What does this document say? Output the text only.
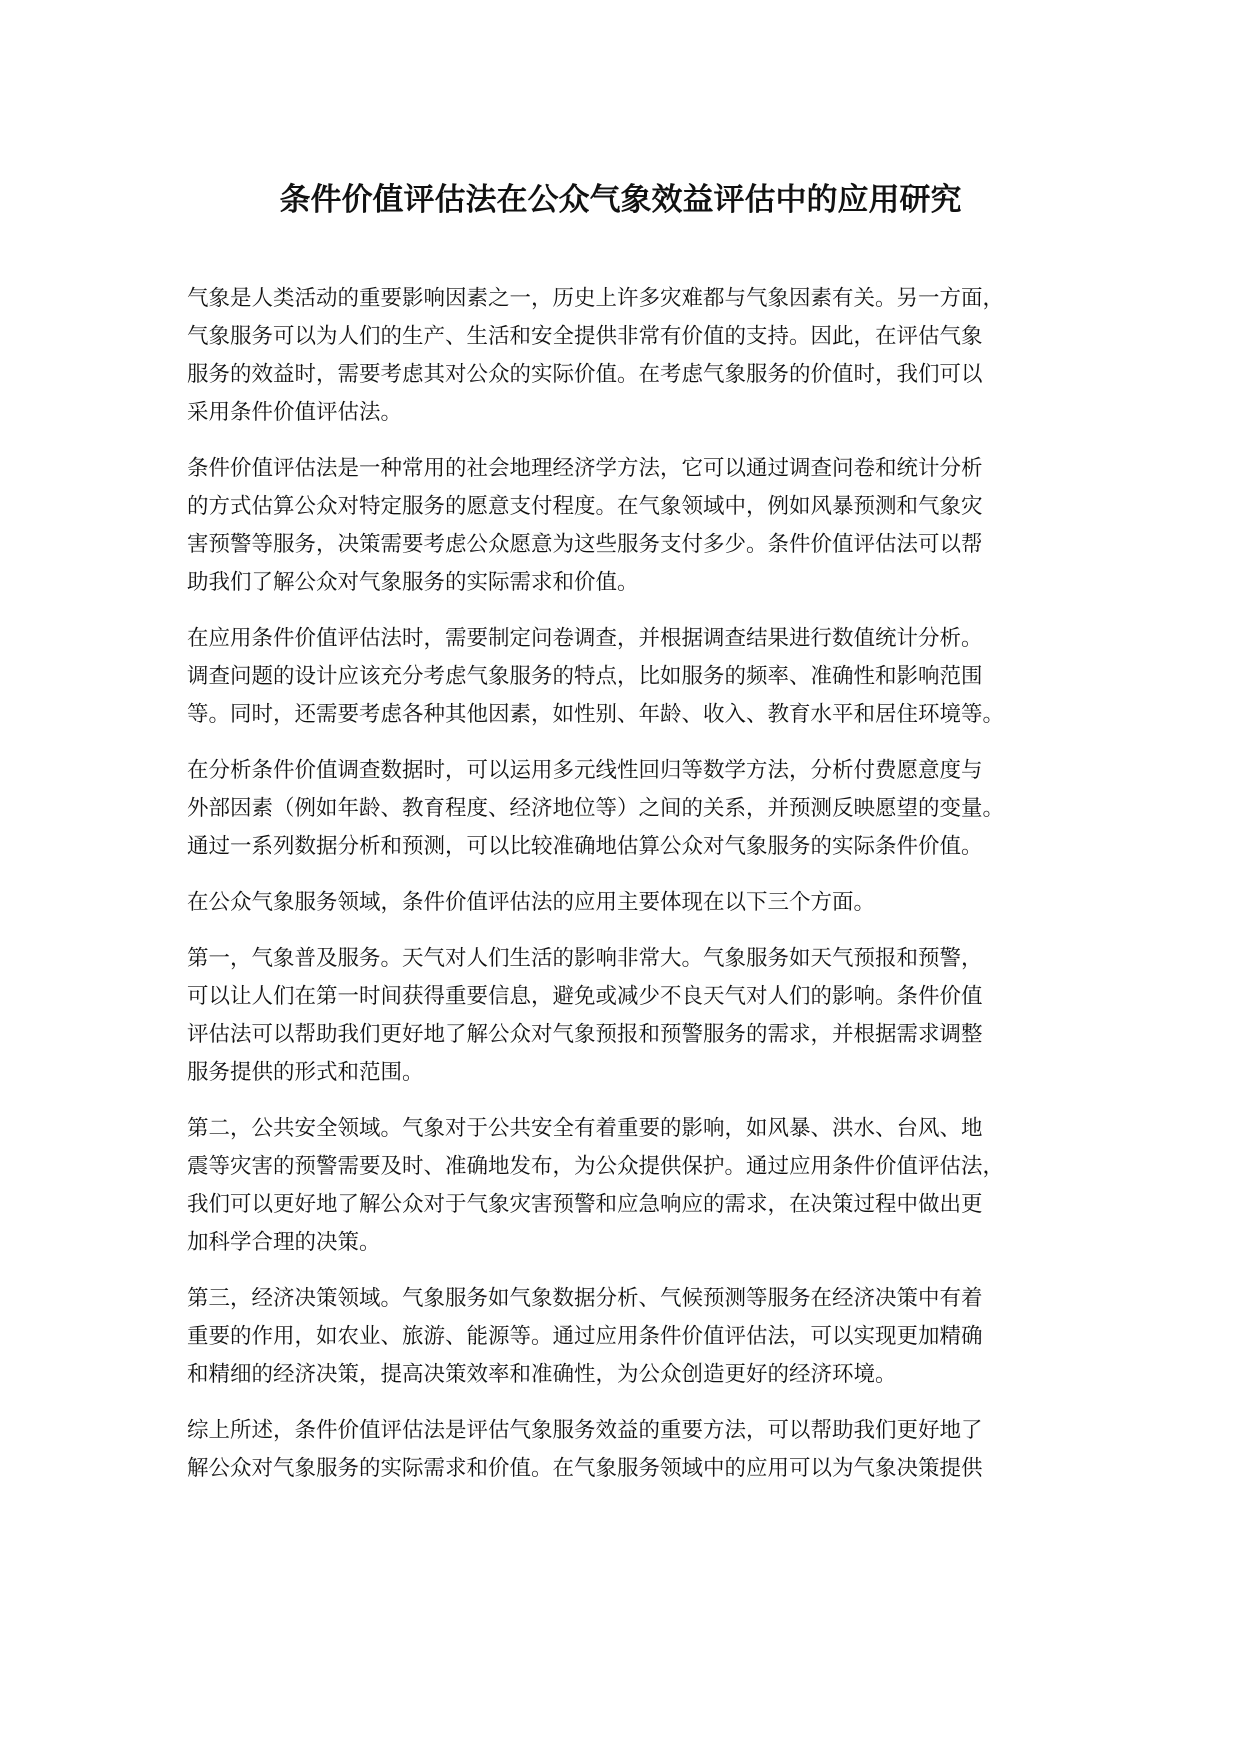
条件价值评估法在公众气象效益评估中的应用研究
气象是人类活动的重要影响因素之一，历史上许多灾难都与气象因素有关。另一方面，
气象服务可以为人们的生产、生活和安全提供非常有价值的支持。因此，在评估气象
服务的效益时，需要考虑其对公众的实际价值。在考虑气象服务的价值时，我们可以
采用条件价值评估法。
条件价值评估法是一种常用的社会地理经济学方法，它可以通过调查问卷和统计分析
的方式估算公众对特定服务的愿意支付程度。在气象领域中，例如风暴预测和气象灾
害预警等服务，决策需要考虑公众愿意为这些服务支付多少。条件价值评估法可以帮
助我们了解公众对气象服务的实际需求和价值。
在应用条件价值评估法时，需要制定问卷调查，并根据调查结果进行数值统计分析。
调查问题的设计应该充分考虑气象服务的特点，比如服务的频率、准确性和影响范围
等。同时，还需要考虑各种其他因素，如性别、年龄、收入、教育水平和居住环境等。
在分析条件价值调查数据时，可以运用多元线性回归等数学方法，分析付费愿意度与
外部因素（例如年龄、教育程度、经济地位等）之间的关系，并预测反映愿望的变量。
通过一系列数据分析和预测，可以比较准确地估算公众对气象服务的实际条件价值。
在公众气象服务领域，条件价值评估法的应用主要体现在以下三个方面。
第一，气象普及服务。天气对人们生活的影响非常大。气象服务如天气预报和预警，
可以让人们在第一时间获得重要信息，避免或减少不良天气对人们的影响。条件价值
评估法可以帮助我们更好地了解公众对气象预报和预警服务的需求，并根据需求调整
服务提供的形式和范围。
第二，公共安全领域。气象对于公共安全有着重要的影响，如风暴、洪水、台风、地
震等灾害的预警需要及时、准确地发布，为公众提供保护。通过应用条件价值评估法，
我们可以更好地了解公众对于气象灾害预警和应急响应的需求，在决策过程中做出更
加科学合理的决策。
第三，经济决策领域。气象服务如气象数据分析、气候预测等服务在经济决策中有着
重要的作用，如农业、旅游、能源等。通过应用条件价值评估法，可以实现更加精确
和精细的经济决策，提高决策效率和准确性，为公众创造更好的经济环境。
综上所述，条件价值评估法是评估气象服务效益的重要方法，可以帮助我们更好地了
解公众对气象服务的实际需求和价值。在气象服务领域中的应用可以为气象决策提供
